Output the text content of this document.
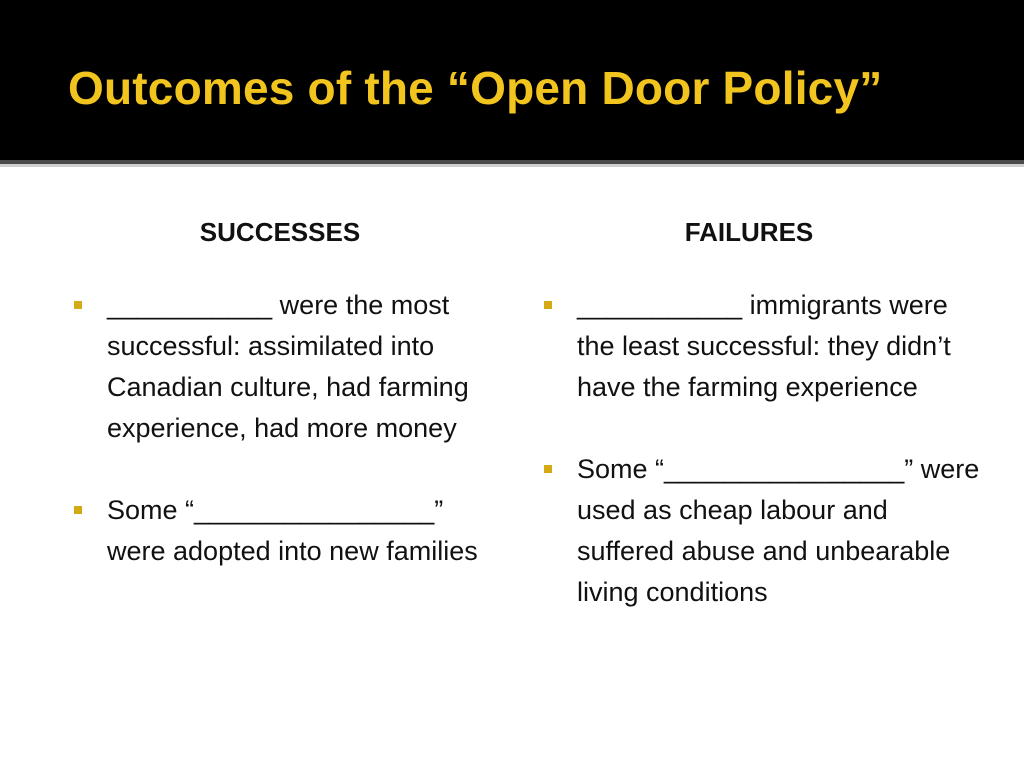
Outcomes of the “Open Door Policy”
SUCCESSES	FAILURES
___________ were the most successful: assimilated into Canadian culture, had farming experience, had more money
Some “________________” were adopted into new families
___________ immigrants were the least successful: they didn’t have the farming experience
Some “________________” were used as cheap labour and suffered abuse and unbearable living conditions
